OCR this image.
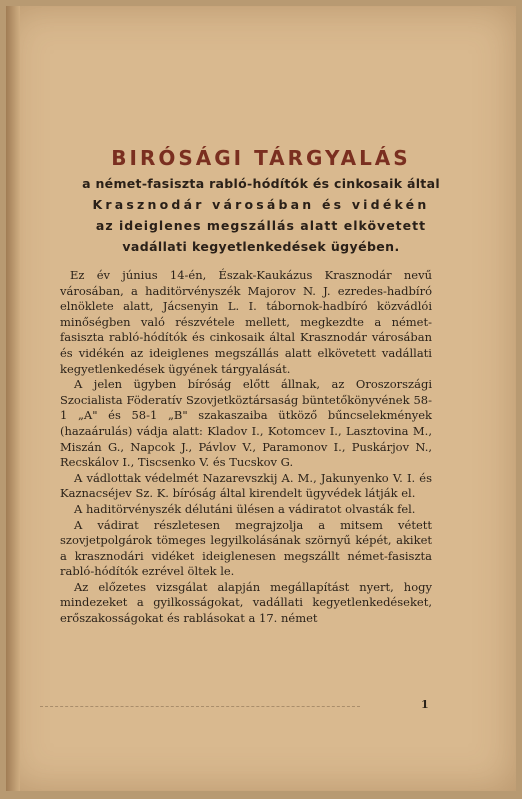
BIRÓSÁGI TÁRGYALÁS
a német-fasiszta rabló-hódítók és cinkosaik által
Krasznodár városában és vidékén
az ideiglenes megszállás alatt elkövetett
vadállati kegyetlenkedések ügyében.

Ez év június 14-én, Észak-Kaukázus Krasznodár nevű városában, a haditörvényszék Majorov N. J. ezredes-hadbíró elnöklete alatt, Jácsenyin L. I. tábornok-hadbíró közvádlói minőségben való részvétele mellett, megkezdte a német-fasiszta rabló-hódítók és cinkosaik által Krasznodár városában és vidékén az ideiglenes megszállás alatt elkövetett vadállati kegyetlenkedések ügyének tárgyalását.

A jelen ügyben bíróság előtt állnak, az Oroszországi Szocialista Föderatív Szovjetköztársaság büntetőkönyvének 58-1 „A" és 58-1 „B" szakaszaiba ütköző bűncselekmények (hazaárulás) vádja alatt: Kladov I., Kotomcev I., Lasztovina M., Miszán G., Napcok J., Pávlov V., Paramonov I., Puskárjov N., Recskálov I., Tiscsenko V. és Tucskov G.

A vádlottak védelmét Nazarevszkij A. M., Jakunyenko V. I. és Kaznacséjev Sz. K. bíróság által kirendelt ügyvédek látják el.

A haditörvényszék délutáni ülésen a vádiratot olvasták fel.

A vádirat részletesen megrajzolja a mitsem vétett szovjetpolgárok tömeges legyilkolásának szörnyű képét, akiket a krasznodári vidéket ideiglenesen megszállt német-fasiszta rabló-hódítók ezrével öltek le.

Az előzetes vizsgálat alapján megállapítást nyert, hogy mindezeket a gyilkosságokat, vadállati kegyetlenkedéseket, erőszakosságokat és rablásokat a 17. német

1
